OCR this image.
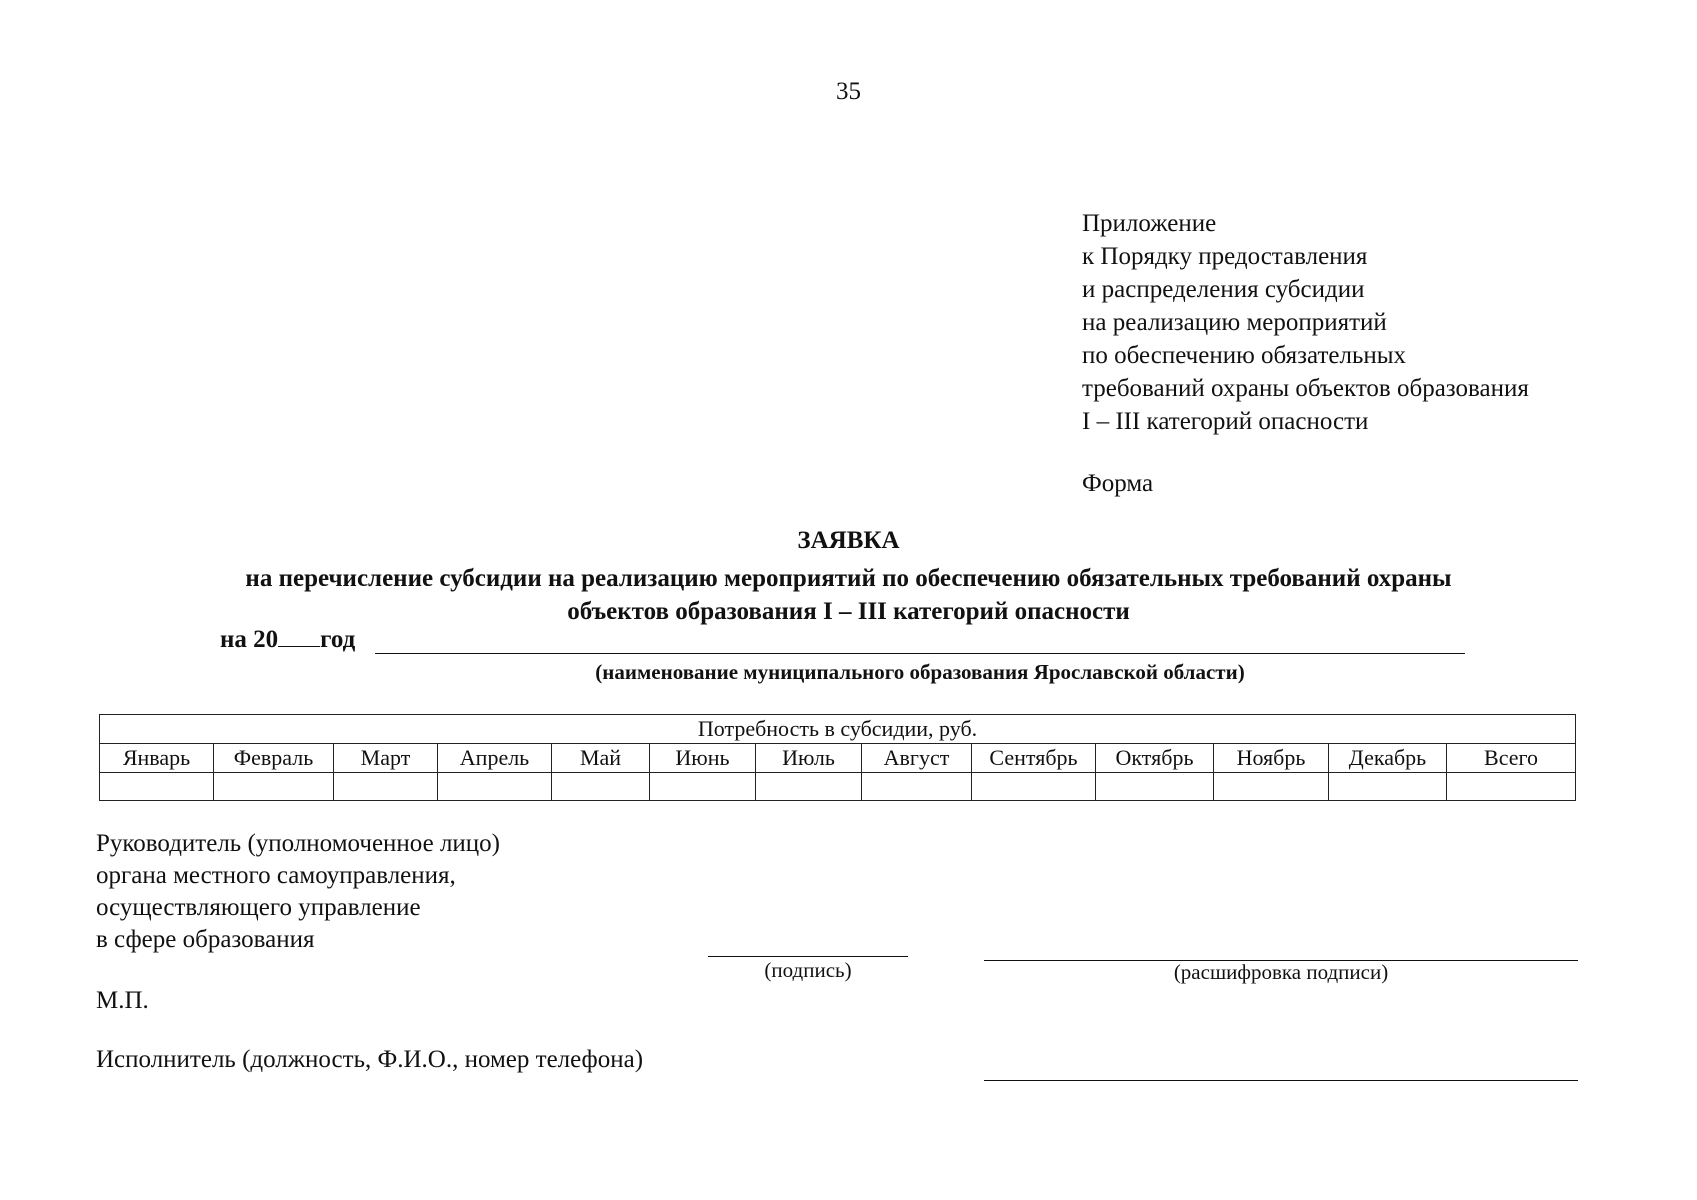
35
Приложение
к Порядку предоставления
и распределения субсидии
на реализацию мероприятий
по обеспечению обязательных
требований охраны объектов образования
I – III категорий опасности
Форма
ЗАЯВКА
на перечисление субсидии на реализацию мероприятий по обеспечению обязательных требований охраны
объектов образования I – III категорий опасности
на 20 год
(наименование муниципального образования Ярославской области)
Потребность в субсидии, руб.												
Январь	Февраль	Март	Апрель	Май	Июнь	Июль	Август	Сентябрь	Октябрь	Ноябрь	Декабрь	Всего

Руководитель (уполномоченное лицо)
органа местного самоуправления,
осуществляющего управление
в сфере образования
(подпись)	(расшифровка подписи)
М.П.
Исполнитель (должность, Ф.И.О., номер телефона)
